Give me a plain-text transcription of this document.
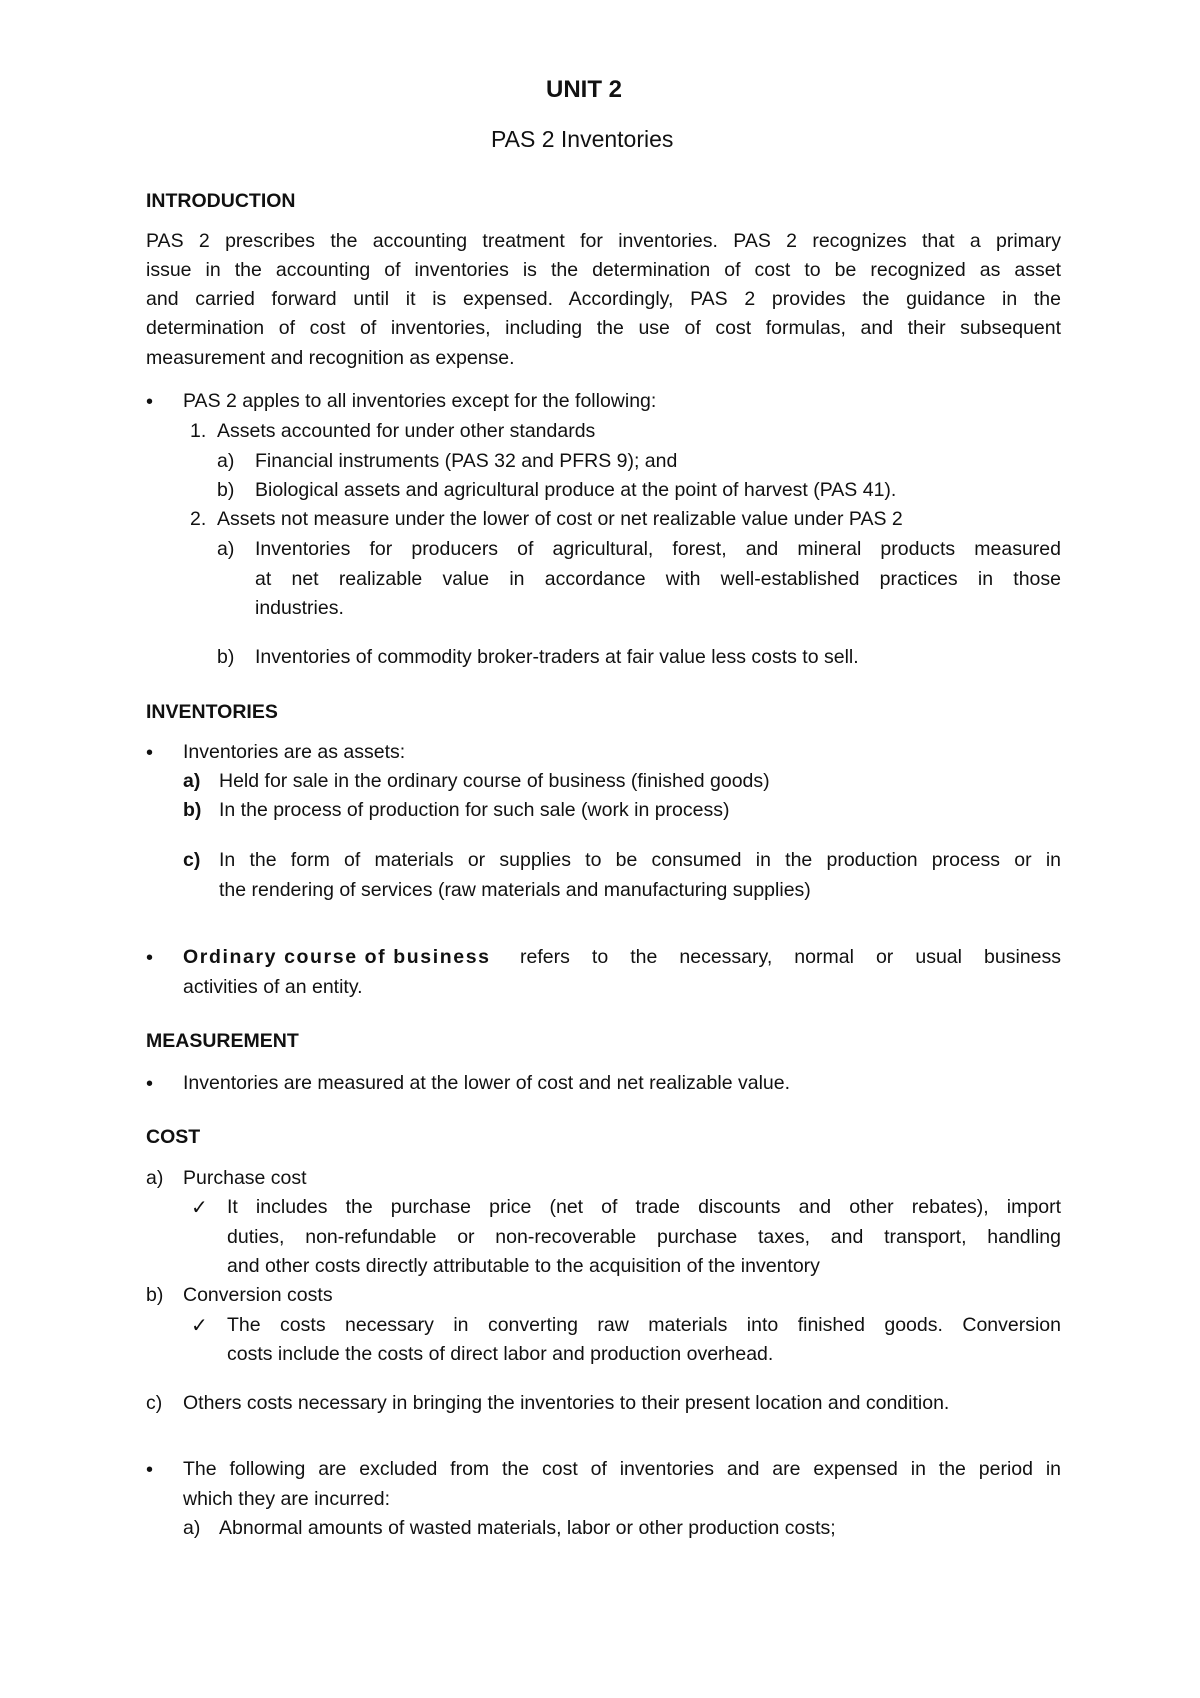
UNIT 2
PAS 2 Inventories
INTRODUCTION
PAS 2 prescribes the accounting treatment for inventories. PAS 2 recognizes that a primary
issue in the accounting of inventories is the determination of cost to be recognized as asset
and carried forward until it is expensed. Accordingly, PAS 2 provides the guidance in the
determination of cost of inventories, including the use of cost formulas, and their subsequent
measurement and recognition as expense.
• PAS 2 apples to all inventories except for the following:
1. Assets accounted for under other standards
a) Financial instruments (PAS 32 and PFRS 9); and
b) Biological assets and agricultural produce at the point of harvest (PAS 41).
2. Assets not measure under the lower of cost or net realizable value under PAS 2
a) Inventories for producers of agricultural, forest, and mineral products measured
at net realizable value in accordance with well-established practices in those
industries.
b) Inventories of commodity broker-traders at fair value less costs to sell.
INVENTORIES
• Inventories are as assets:
a) Held for sale in the ordinary course of business (finished goods)
b) In the process of production for such sale (work in process)
c) In the form of materials or supplies to be consumed in the production process or in
the rendering of services (raw materials and manufacturing supplies)
• Ordinary course of business refers to the necessary, normal or usual business
activities of an entity.
MEASUREMENT
• Inventories are measured at the lower of cost and net realizable value.
COST
a) Purchase cost
✓ It includes the purchase price (net of trade discounts and other rebates), import
duties, non-refundable or non-recoverable purchase taxes, and transport, handling
and other costs directly attributable to the acquisition of the inventory
b) Conversion costs
✓ The costs necessary in converting raw materials into finished goods. Conversion
costs include the costs of direct labor and production overhead.
c) Others costs necessary in bringing the inventories to their present location and condition.
• The following are excluded from the cost of inventories and are expensed in the period in
which they are incurred:
a) Abnormal amounts of wasted materials, labor or other production costs;
